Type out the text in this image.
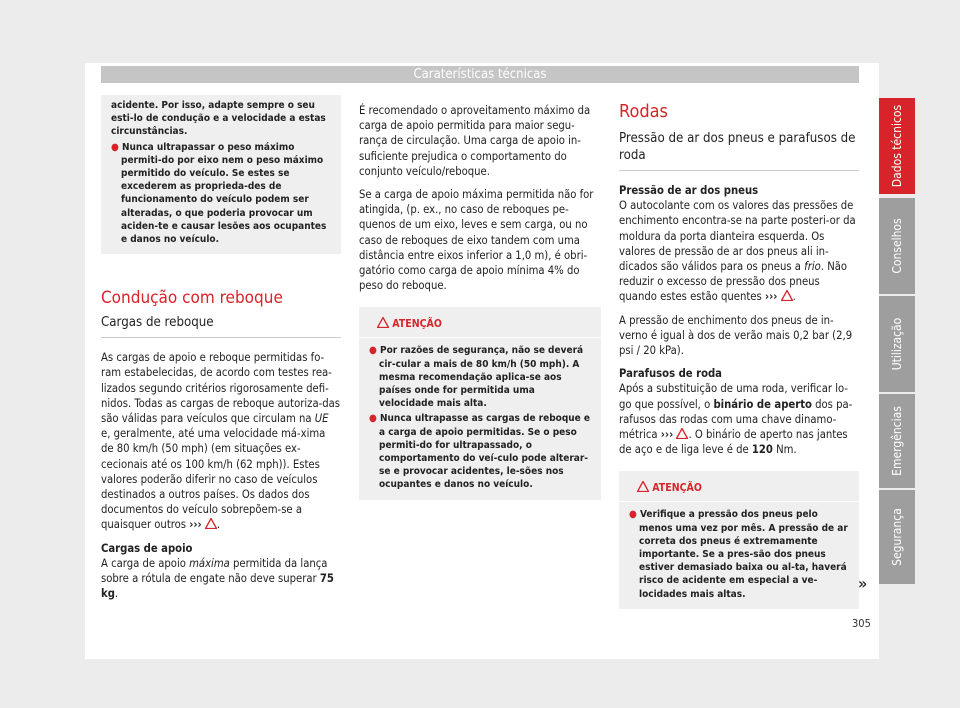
Caraterísticas técnicas
Dados técnicos
Conselhos
Utilização
Emergências
Segurança
acidente. Por isso, adapte sempre o seu esti-lo de condução e a velocidade a estas circunstâncias.
● Nunca ultrapassar o peso máximo permiti-do por eixo nem o peso máximo permitido do veículo. Se estes se excederem as proprieda-des de funcionamento do veículo podem ser alteradas, o que poderia provocar um aciden-te e causar lesões aos ocupantes e danos no veículo.
Condução com reboque
Cargas de reboque

As cargas de apoio e reboque permitidas fo-ram estabelecidas, de acordo com testes rea-lizados segundo critérios rigorosamente defi-nidos. Todas as cargas de reboque autoriza-das são válidas para veículos que circulam na UE e, geralmente, até uma velocidade má-xima de 80 km/h (50 mph) (em situações ex-cecionais até os 100 km/h (62 mph)). Estes valores poderão diferir no caso de veículos destinados a outros países. Os dados dos documentos do veículo sobrepõem-se a quaisquer outros ››› .

Cargas de apoio

A carga de apoio máxima permitida da lança sobre a rótula de engate não deve superar 75 kg.

É recomendado o aproveitamento máximo da carga de apoio permitida para maior segu-rança de circulação. Uma carga de apoio in-suficiente prejudica o comportamento do conjunto veículo/reboque.

Se a carga de apoio máxima permitida não for atingida, (p. ex., no caso de reboques pe-quenos de um eixo, leves e sem carga, ou no caso de reboques de eixo tandem com uma distância entre eixos inferior a 1,0 m), é obri-gatório como carga de apoio mínima 4% do peso do reboque.

ATENÇÃO
● Por razões de segurança, não se deverá cir-cular a mais de 80 km/h (50 mph). A mesma recomendação aplica-se aos países onde for permitida uma velocidade mais alta.
● Nunca ultrapasse as cargas de reboque e a carga de apoio permitidas. Se o peso permiti-do for ultrapassado, o comportamento do veí-culo pode alterar-se e provocar acidentes, le-sões nos ocupantes e danos no veículo.
Rodas
Pressão de ar dos pneus e parafusos de roda
Pressão de ar dos pneus

O autocolante com os valores das pressões de enchimento encontra-se na parte posteri-or da moldura da porta dianteira esquerda. Os valores de pressão de ar dos pneus ali in-dicados são válidos para os pneus a frio. Não reduzir o excesso de pressão dos pneus quando estes estão quentes ››› .

A pressão de enchimento dos pneus de in-verno é igual à dos de verão mais 0,2 bar (2,9 psi / 20 kPa).

Parafusos de roda

Após a substituição de uma roda, verificar lo-go que possível, o binário de aperto dos pa-rafusos das rodas com uma chave dinamo-métrica ››› . O binário de aperto nas jantes de aço e de liga leve é de 120 Nm.

ATENÇÃO
● Verifique a pressão dos pneus pelo menos uma vez por mês. A pressão de ar correta dos pneus é extremamente importante. Se a pres-são dos pneus estiver demasiado baixa ou al-ta, haverá risco de acidente em especial a ve-locidades mais altas.
»
305
